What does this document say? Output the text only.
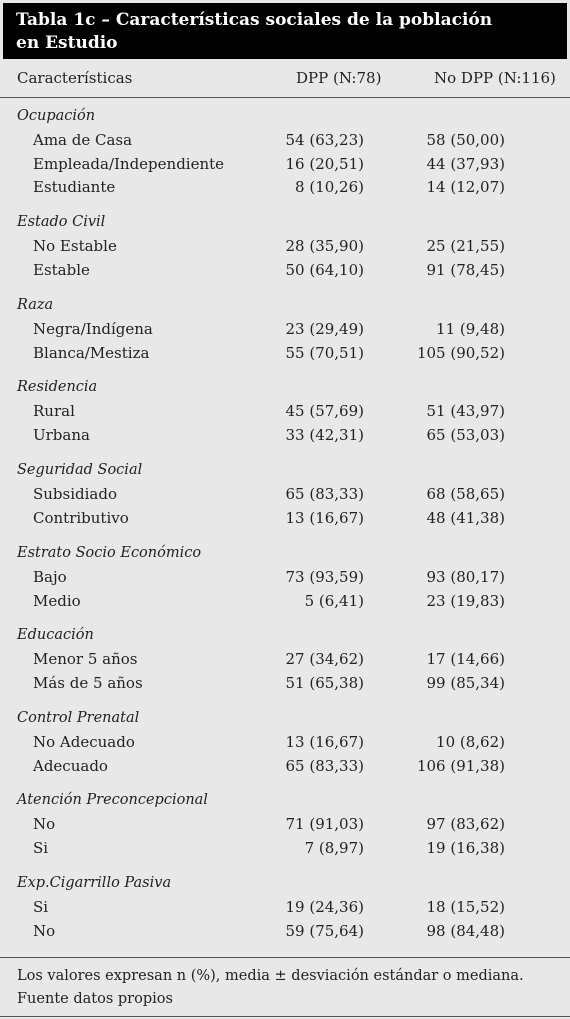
Tabla 1c – Características sociales de la población
en Estudio
Características	DPP (N:78)	No DPP (N:116)
Ocupación
Ama de Casa	54 (63,23)	58 (50,00)
Empleada/Independiente	16 (20,51)	44 (37,93)
Estudiante	8 (10,26)	14 (12,07)
Estado Civil
No Estable	28 (35,90)	25 (21,55)
Estable	50 (64,10)	91 (78,45)
Raza
Negra/Indígena	23 (29,49)	11 (9,48)
Blanca/Mestiza	55 (70,51)	105 (90,52)
Residencia
Rural	45 (57,69)	51 (43,97)
Urbana	33 (42,31)	65 (53,03)
Seguridad Social
Subsidiado	65 (83,33)	68 (58,65)
Contributivo	13 (16,67)	48 (41,38)
Estrato Socio Económico
Bajo	73 (93,59)	93 (80,17)
Medio	5 (6,41)	23 (19,83)
Educación
Menor 5 años	27 (34,62)	17 (14,66)
Más de 5 años	51 (65,38)	99 (85,34)
Control Prenatal
No Adecuado	13 (16,67)	10 (8,62)
Adecuado	65 (83,33)	106 (91,38)
Atención Preconcepcional
No	71 (91,03)	97 (83,62)
Si	7 (8,97)	19 (16,38)
Exp.Cigarrillo Pasiva
Si	19 (24,36)	18 (15,52)
No	59 (75,64)	98 (84,48)
Los valores expresan n (%), media ± desviación estándar o mediana.
Fuente datos propios
